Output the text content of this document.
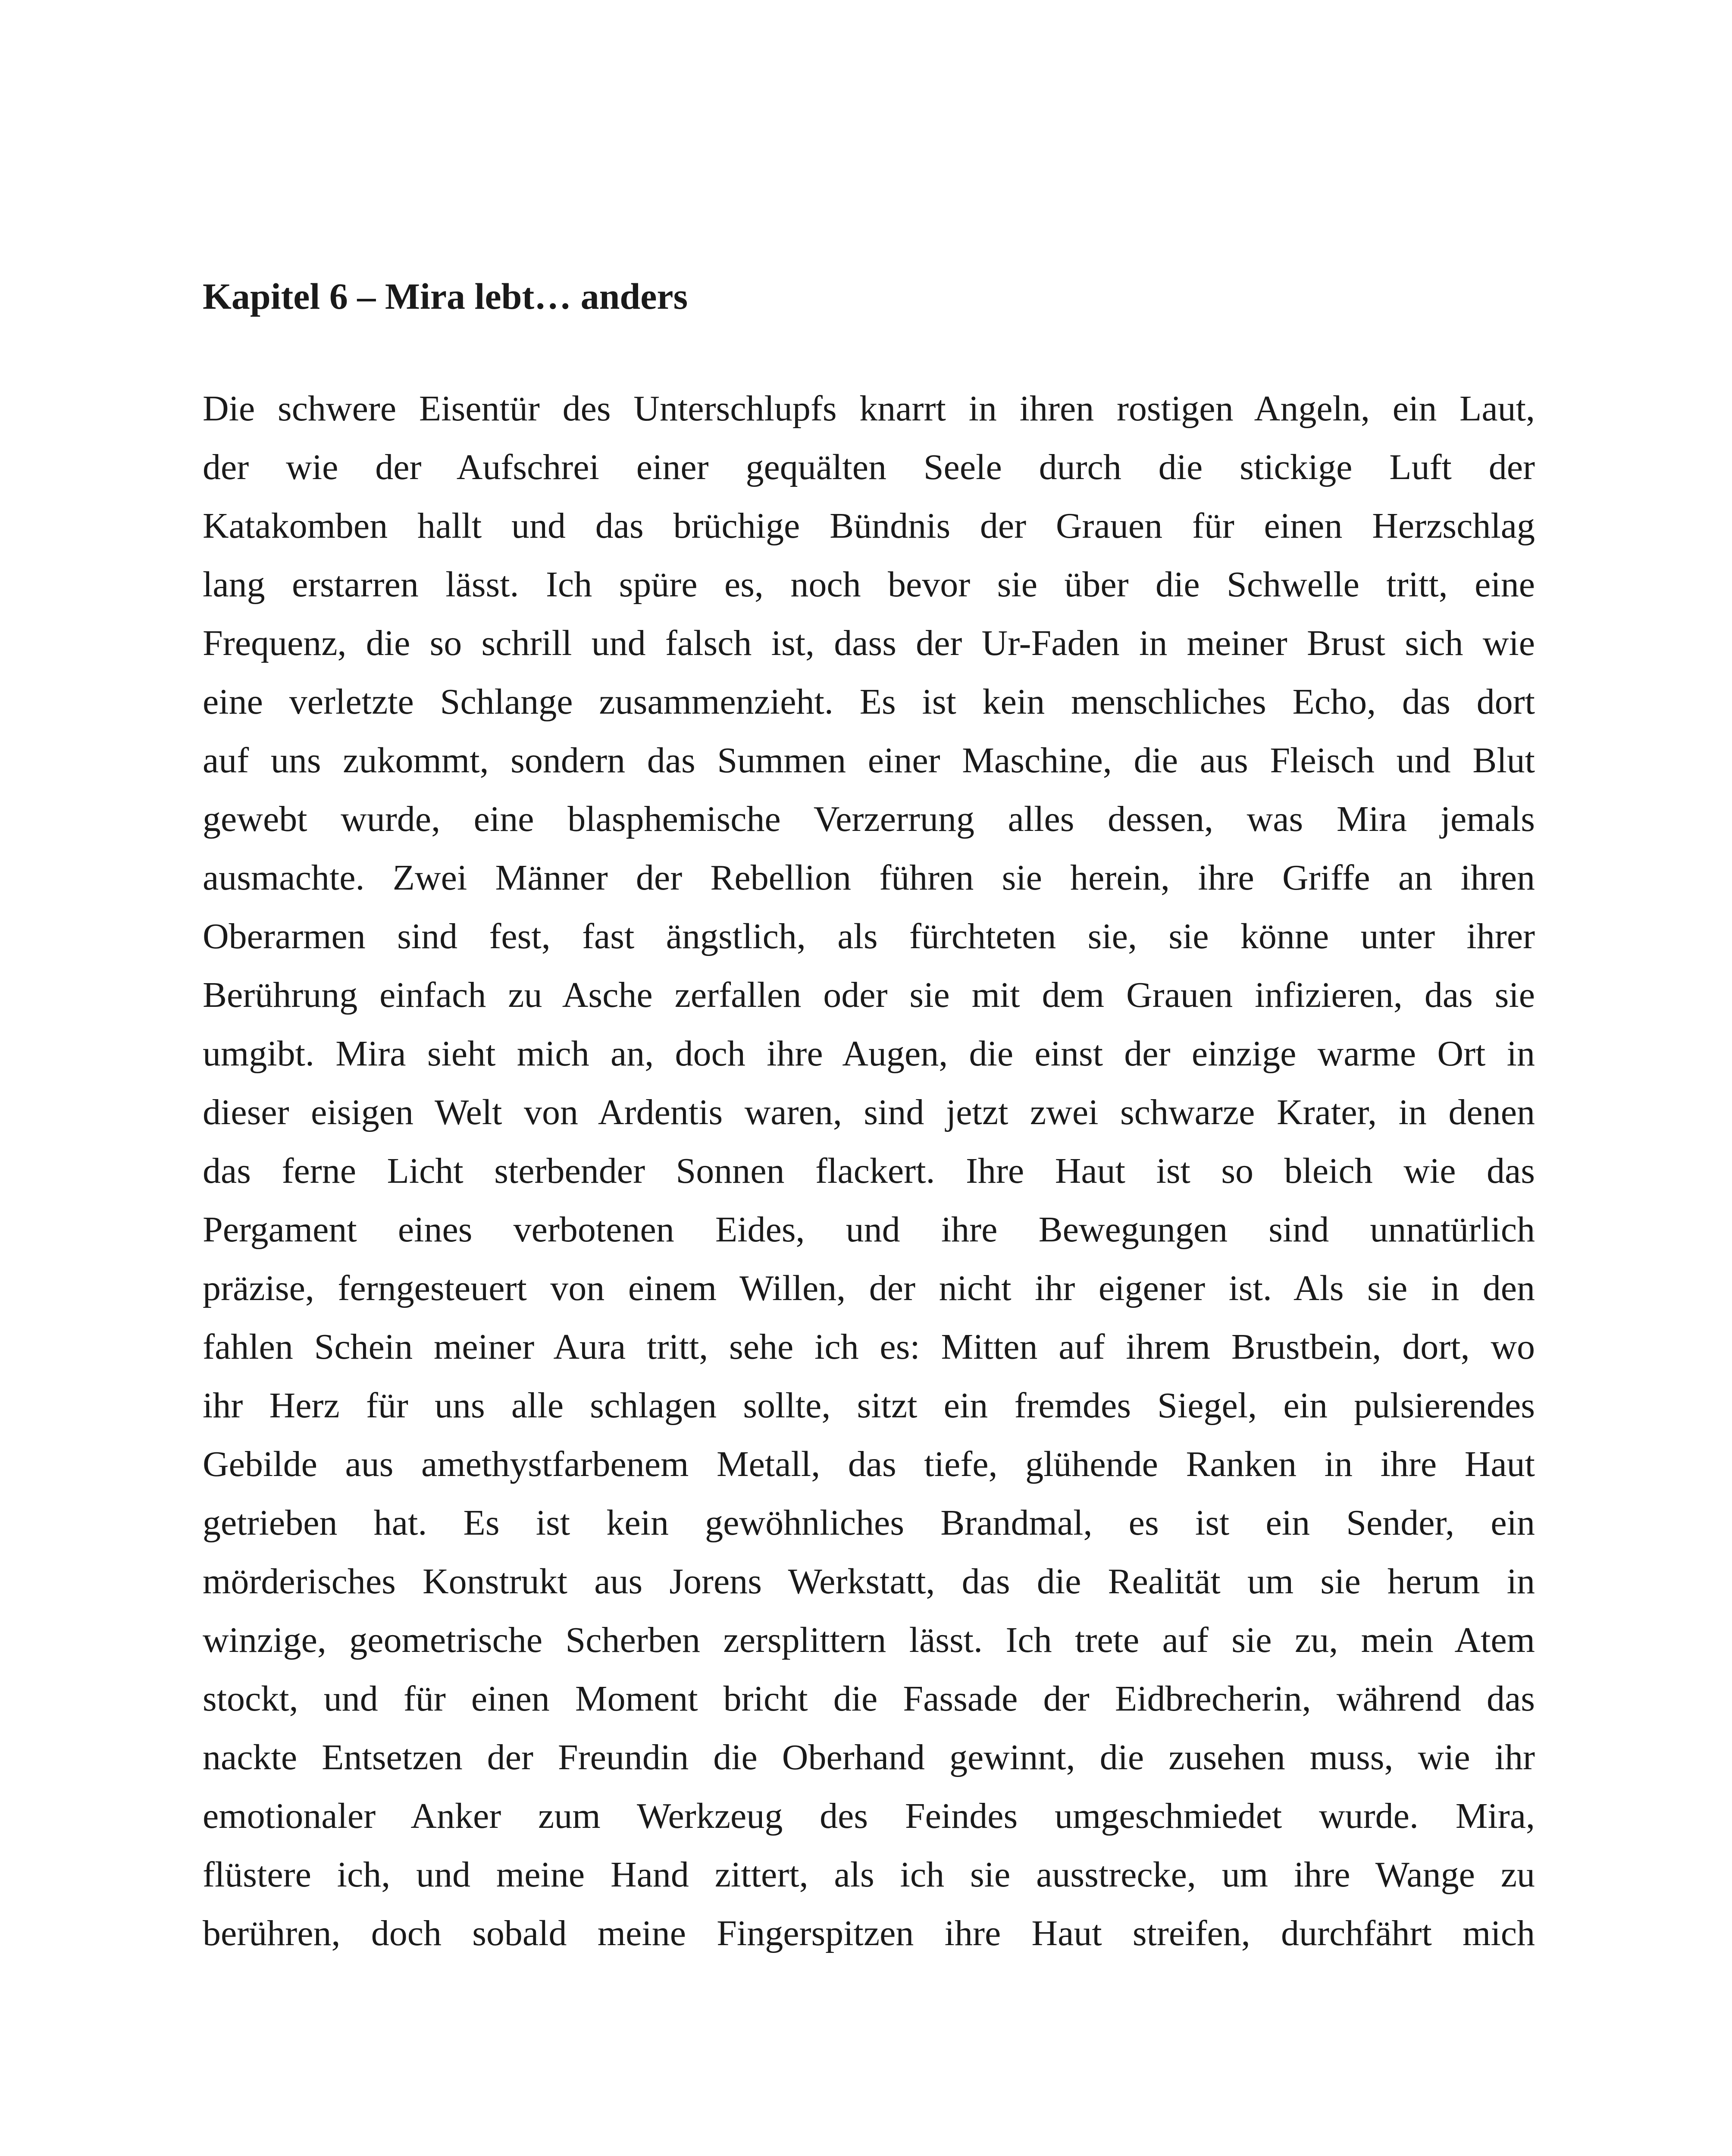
Kapitel 6 – Mira lebt… anders
Die schwere Eisentür des Unterschlupfs knarrt in ihren rostigen Angeln, ein Laut,
der wie der Aufschrei einer gequälten Seele durch die stickige Luft der
Katakomben hallt und das brüchige Bündnis der Grauen für einen Herzschlag
lang erstarren lässt. Ich spüre es, noch bevor sie über die Schwelle tritt, eine
Frequenz, die so schrill und falsch ist, dass der Ur-Faden in meiner Brust sich wie
eine verletzte Schlange zusammenzieht. Es ist kein menschliches Echo, das dort
auf uns zukommt, sondern das Summen einer Maschine, die aus Fleisch und Blut
gewebt wurde, eine blasphemische Verzerrung alles dessen, was Mira jemals
ausmachte. Zwei Männer der Rebellion führen sie herein, ihre Griffe an ihren
Oberarmen sind fest, fast ängstlich, als fürchteten sie, sie könne unter ihrer
Berührung einfach zu Asche zerfallen oder sie mit dem Grauen infizieren, das sie
umgibt. Mira sieht mich an, doch ihre Augen, die einst der einzige warme Ort in
dieser eisigen Welt von Ardentis waren, sind jetzt zwei schwarze Krater, in denen
das ferne Licht sterbender Sonnen flackert. Ihre Haut ist so bleich wie das
Pergament eines verbotenen Eides, und ihre Bewegungen sind unnatürlich
präzise, ferngesteuert von einem Willen, der nicht ihr eigener ist. Als sie in den
fahlen Schein meiner Aura tritt, sehe ich es: Mitten auf ihrem Brustbein, dort, wo
ihr Herz für uns alle schlagen sollte, sitzt ein fremdes Siegel, ein pulsierendes
Gebilde aus amethystfarbenem Metall, das tiefe, glühende Ranken in ihre Haut
getrieben hat. Es ist kein gewöhnliches Brandmal, es ist ein Sender, ein
mörderisches Konstrukt aus Jorens Werkstatt, das die Realität um sie herum in
winzige, geometrische Scherben zersplittern lässt. Ich trete auf sie zu, mein Atem
stockt, und für einen Moment bricht die Fassade der Eidbrecherin, während das
nackte Entsetzen der Freundin die Oberhand gewinnt, die zusehen muss, wie ihr
emotionaler Anker zum Werkzeug des Feindes umgeschmiedet wurde. Mira,
flüstere ich, und meine Hand zittert, als ich sie ausstrecke, um ihre Wange zu
berühren, doch sobald meine Fingerspitzen ihre Haut streifen, durchfährt mich
